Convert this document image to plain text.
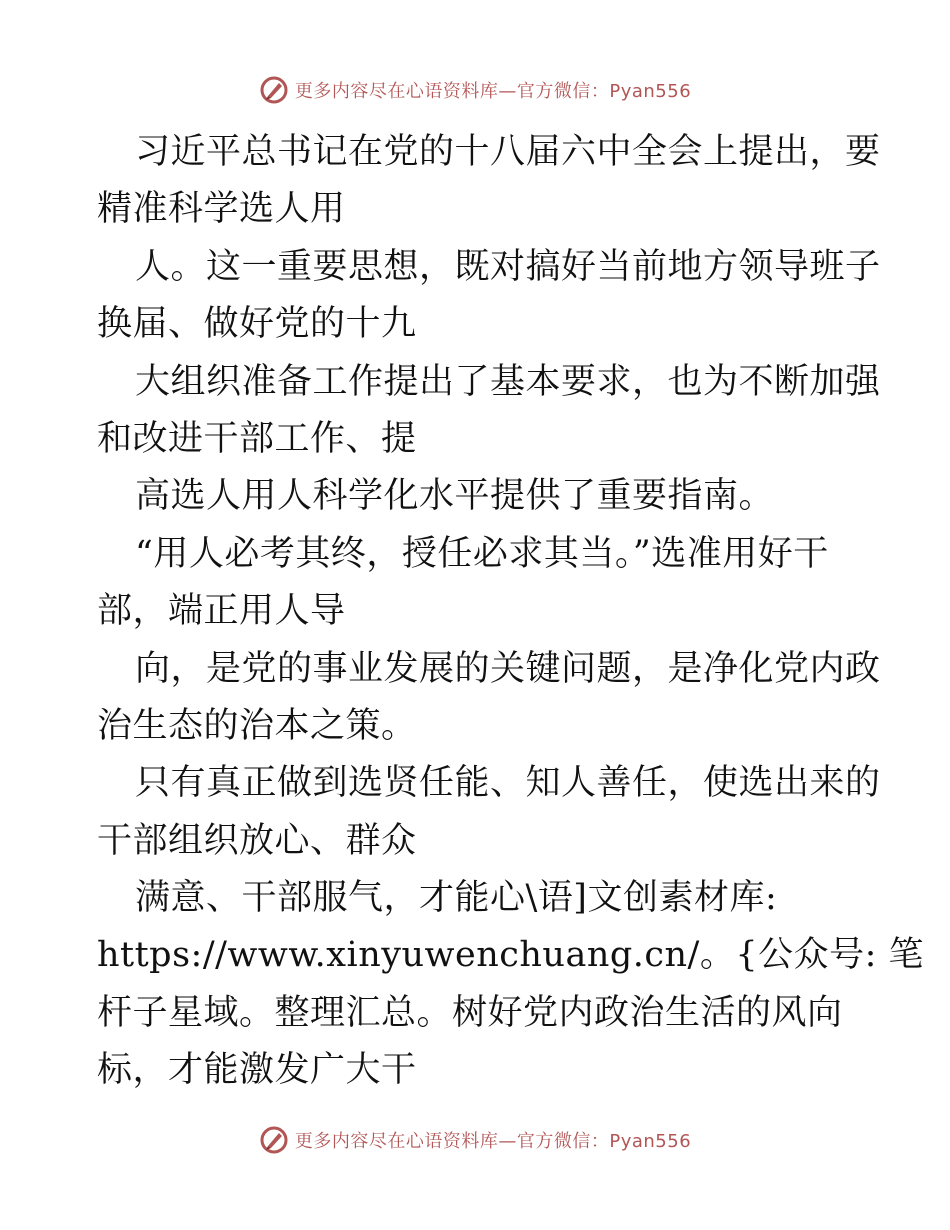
更多内容尽在心语资料库—官方微信：Pyan556
习近平总书记在党的十八届六中全会上提出，要
精准科学选人用
人。这一重要思想，既对搞好当前地方领导班子
换届、做好党的十九
大组织准备工作提出了基本要求，也为不断加强
和改进干部工作、提
高选人用人科学化水平提供了重要指南。
“用人必考其终，授任必求其当。”选准用好干
部，端正用人导
向，是党的事业发展的关键问题，是净化党内政
治生态的治本之策。
只有真正做到选贤任能、知人善任，使选出来的
干部组织放心、群众
满意、干部服气，才能心\语]文创素材库:
https://www.xinyuwenchuang.cn/。{公众号: 笔
杆子星域。整理汇总。树好党内政治生活的风向
标，才能激发广大干
更多内容尽在心语资料库—官方微信：Pyan556
